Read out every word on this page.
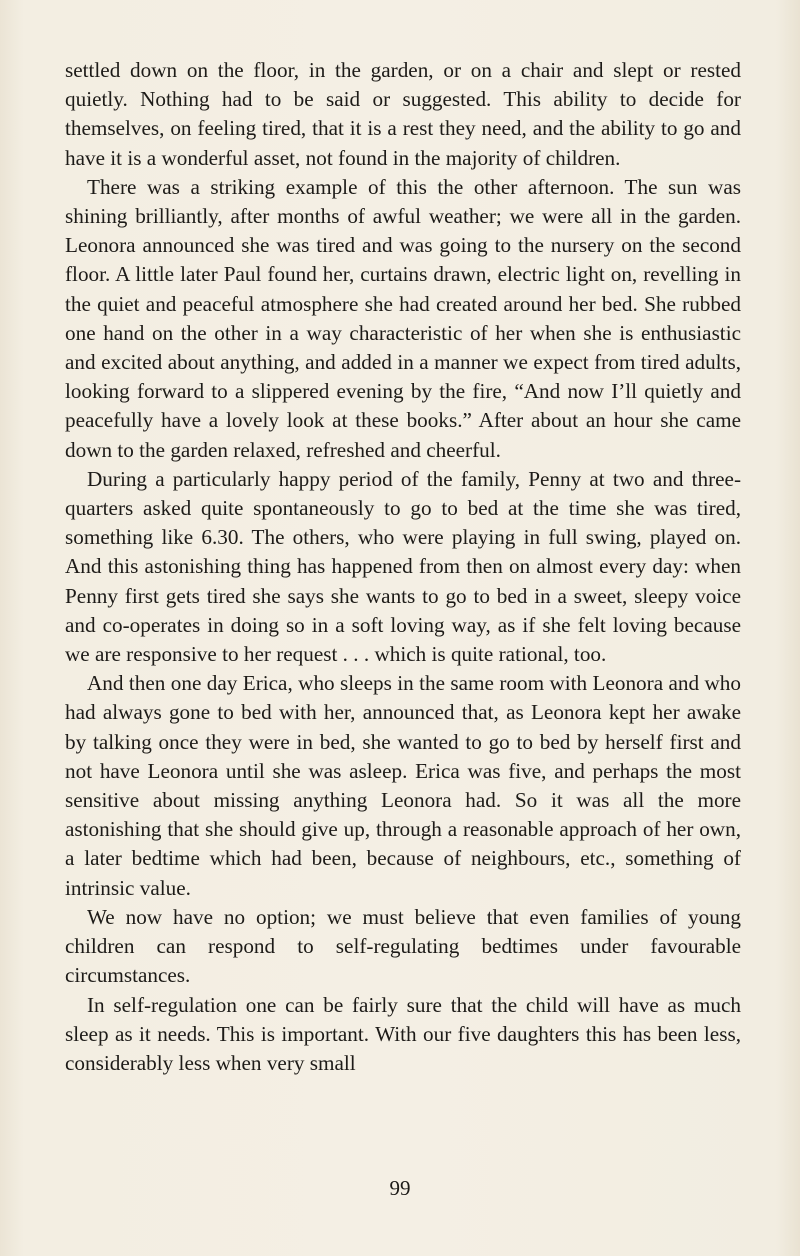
settled down on the floor, in the garden, or on a chair and slept or rested quietly. Nothing had to be said or suggested. This ability to decide for themselves, on feeling tired, that it is a rest they need, and the ability to go and have it is a wonderful asset, not found in the majority of children.

There was a striking example of this the other afternoon. The sun was shining brilliantly, after months of awful weather; we were all in the garden. Leonora announced she was tired and was going to the nursery on the second floor. A little later Paul found her, curtains drawn, electric light on, revelling in the quiet and peaceful atmosphere she had created around her bed. She rubbed one hand on the other in a way characteristic of her when she is enthusiastic and excited about anything, and added in a manner we expect from tired adults, looking forward to a slippered evening by the fire, “And now I’ll quietly and peacefully have a lovely look at these books.” After about an hour she came down to the garden relaxed, refreshed and cheerful.

During a particularly happy period of the family, Penny at two and three-quarters asked quite spontaneously to go to bed at the time she was tired, something like 6.30. The others, who were playing in full swing, played on. And this astonishing thing has happened from then on almost every day: when Penny first gets tired she says she wants to go to bed in a sweet, sleepy voice and co-operates in doing so in a soft loving way, as if she felt loving because we are responsive to her request . . . which is quite rational, too.

And then one day Erica, who sleeps in the same room with Leonora and who had always gone to bed with her, announced that, as Leonora kept her awake by talking once they were in bed, she wanted to go to bed by herself first and not have Leonora until she was asleep. Erica was five, and perhaps the most sensitive about missing anything Leonora had. So it was all the more astonishing that she should give up, through a reasonable approach of her own, a later bedtime which had been, because of neighbours, etc., something of intrinsic value.

We now have no option; we must believe that even families of young children can respond to self-regulating bedtimes under favourable circumstances.

In self-regulation one can be fairly sure that the child will have as much sleep as it needs. This is important. With our five daughters this has been less, considerably less when very small

99
